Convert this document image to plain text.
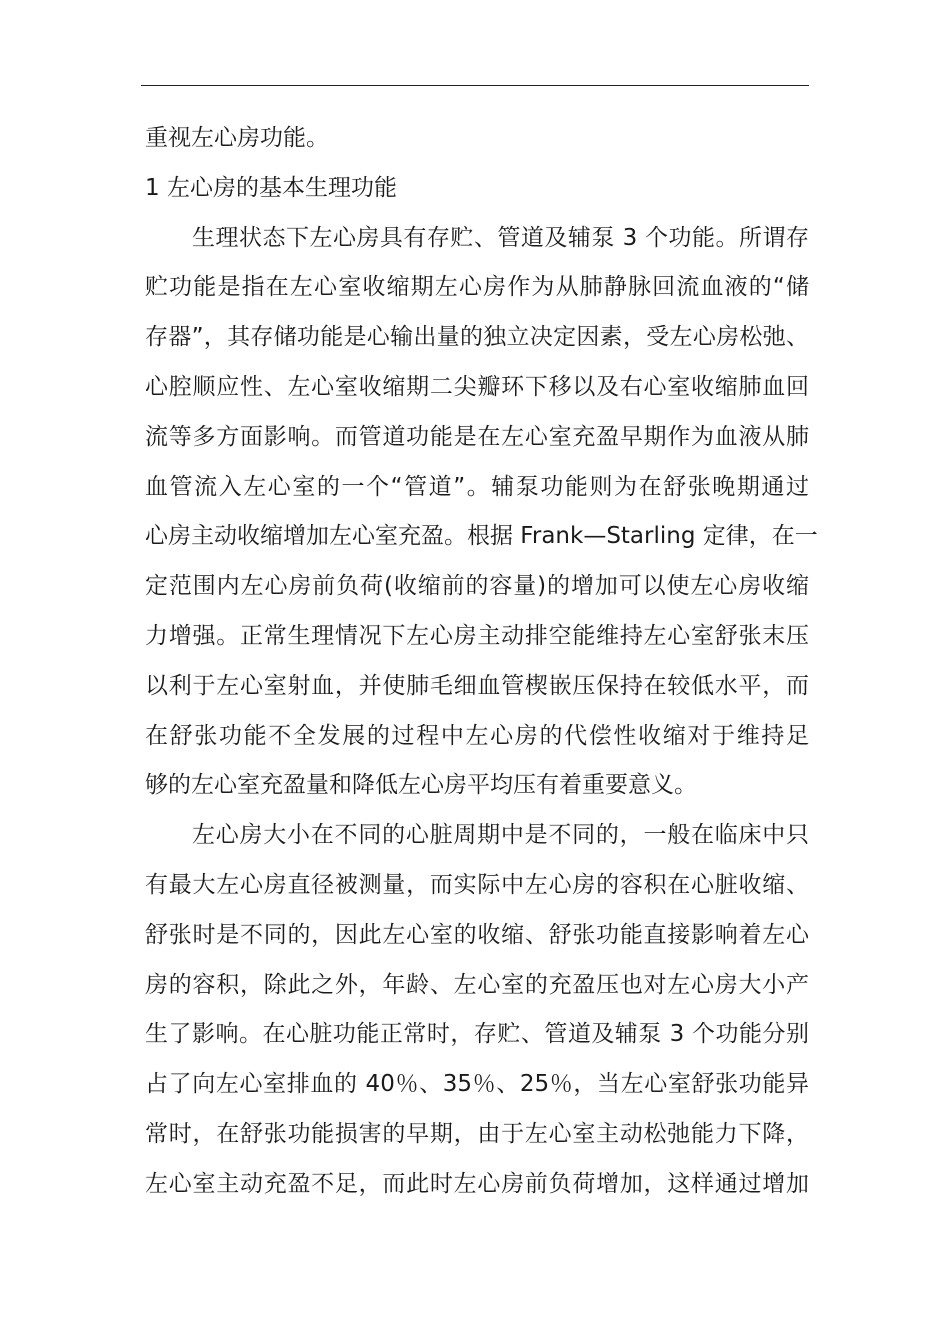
重视左心房功能。
1 左心房的基本生理功能
生理状态下左心房具有存贮、管道及辅泵 3 个功能。所谓存
贮功能是指在左心室收缩期左心房作为从肺静脉回流血液的“储
存器”，其存储功能是心输出量的独立决定因素，受左心房松弛、
心腔顺应性、左心室收缩期二尖瓣环下移以及右心室收缩肺血回
流等多方面影响。而管道功能是在左心室充盈早期作为血液从肺
血管流入左心室的一个“管道”。辅泵功能则为在舒张晚期通过
心房主动收缩增加左心室充盈。根据 Frank—Starling 定律，在一
定范围内左心房前负荷(收缩前的容量)的增加可以使左心房收缩
力增强。正常生理情况下左心房主动排空能维持左心室舒张末压
以利于左心室射血，并使肺毛细血管楔嵌压保持在较低水平，而
在舒张功能不全发展的过程中左心房的代偿性收缩对于维持足
够的左心室充盈量和降低左心房平均压有着重要意义。
左心房大小在不同的心脏周期中是不同的，一般在临床中只
有最大左心房直径被测量，而实际中左心房的容积在心脏收缩、
舒张时是不同的，因此左心室的收缩、舒张功能直接影响着左心
房的容积，除此之外，年龄、左心室的充盈压也对左心房大小产
生了影响。在心脏功能正常时，存贮、管道及辅泵 3 个功能分别
占了向左心室排血的 40％、35％、25％，当左心室舒张功能异
常时，在舒张功能损害的早期，由于左心室主动松弛能力下降，
左心室主动充盈不足，而此时左心房前负荷增加，这样通过增加
